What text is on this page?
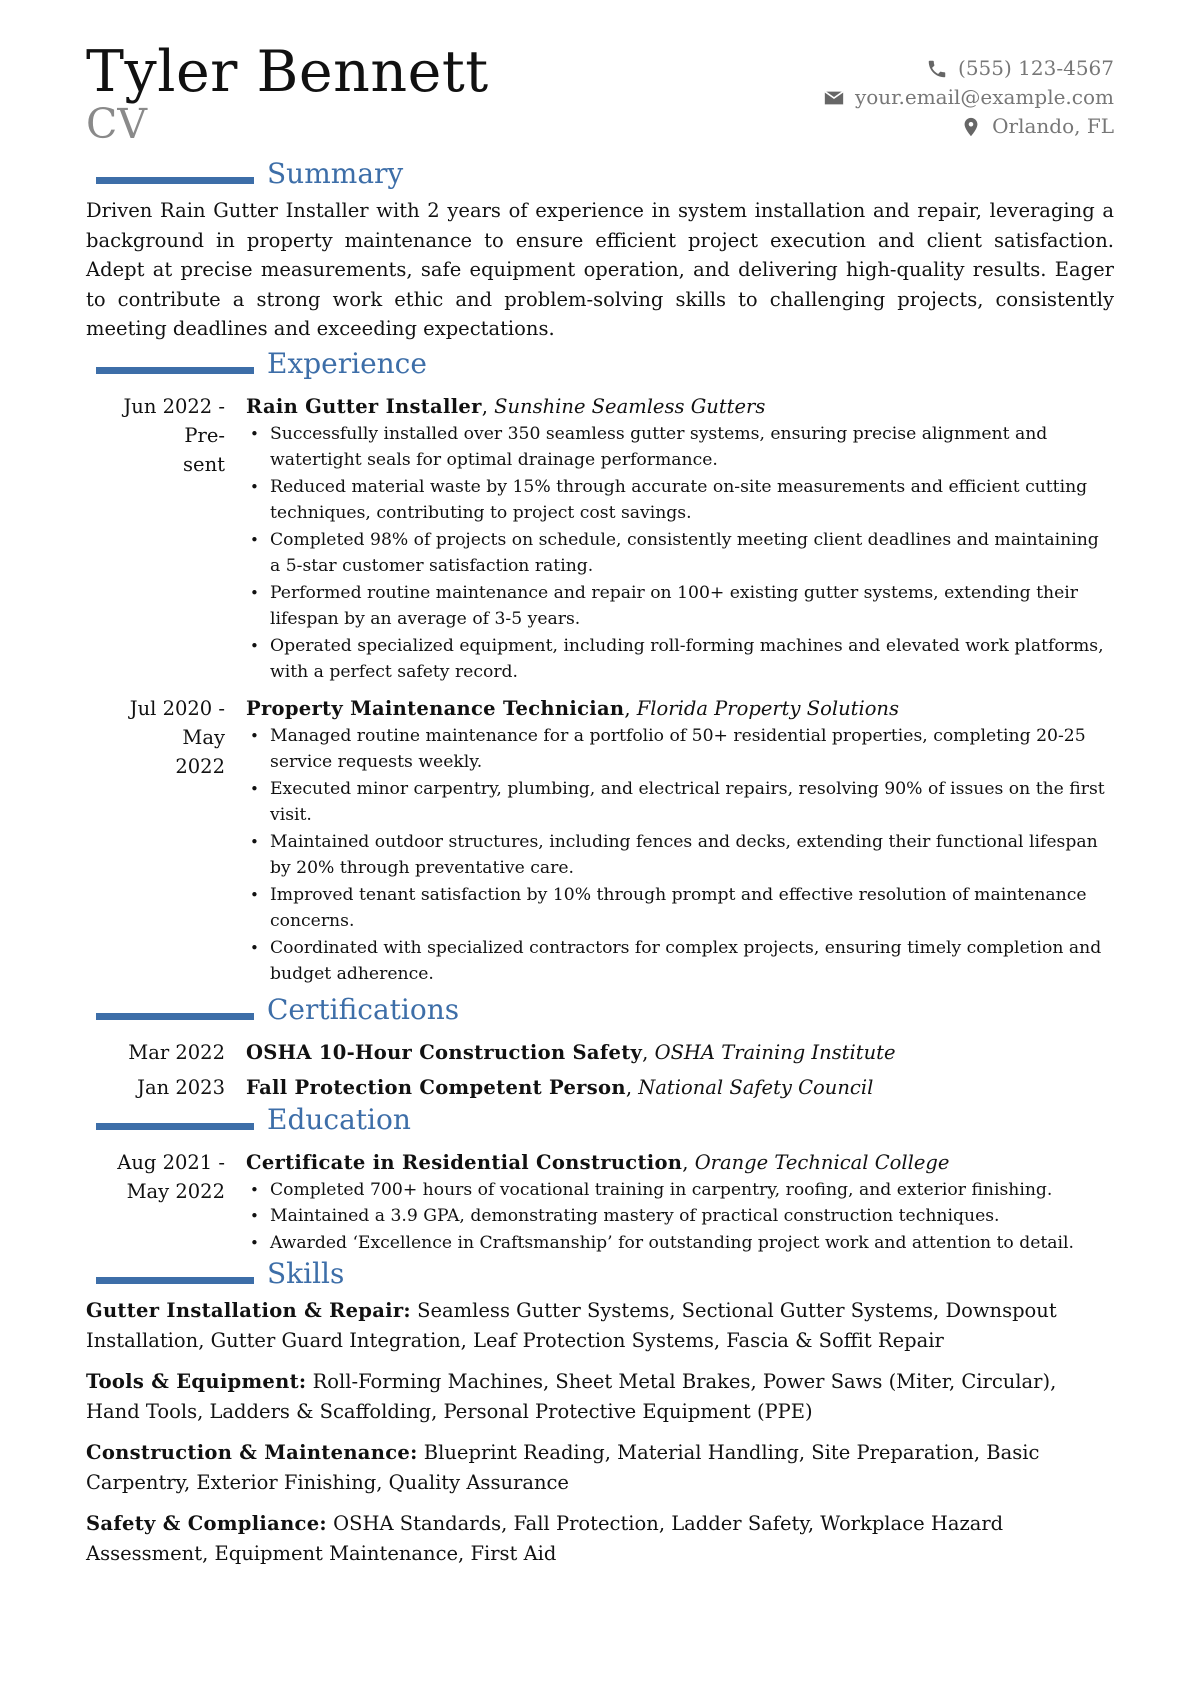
Tyler Bennett
CV
(555) 123-4567
your.email@example.com
Orlando, FL
Summary

Driven Rain Gutter Installer with 2 years of experience in system installation and repair, leveraging a background in property maintenance to ensure efficient project execution and client satisfaction. Adept at precise measurements, safe equipment operation, and delivering high-quality results. Eager to contribute a strong work ethic and problem-solving skills to challenging projects, consistently meeting deadlines and exceeding expectations.

Experience
Jun 2022 - Pre-
sent
Rain Gutter Installer, Sunshine Seamless Gutters
• Successfully installed over 350 seamless gutter systems, ensuring precise alignment and watertight seals for optimal drainage performance.
• Reduced material waste by 15% through accurate on-site measurements and efficient cutting techniques, contributing to project cost savings.
• Completed 98% of projects on schedule, consistently meeting client deadlines and maintaining a 5-star customer satisfaction rating.
• Performed routine maintenance and repair on 100+ existing gutter systems, extending their lifespan by an average of 3-5 years.
• Operated specialized equipment, including roll-forming machines and elevated work platforms, with a perfect safety record.
Jul 2020 - May
2022
Property Maintenance Technician, Florida Property Solutions
• Managed routine maintenance for a portfolio of 50+ residential properties, completing 20-25 service requests weekly.
• Executed minor carpentry, plumbing, and electrical repairs, resolving 90% of issues on the first visit.
• Maintained outdoor structures, including fences and decks, extending their functional lifespan by 20% through preventative care.
• Improved tenant satisfaction by 10% through prompt and effective resolution of maintenance concerns.
• Coordinated with specialized contractors for complex projects, ensuring timely completion and budget adherence.
Certifications
Mar 2022	OSHA 10-Hour Construction Safety, OSHA Training Institute
Jan 2023	Fall Protection Competent Person, National Safety Council
Education
Aug 2021 -
May 2022
Certificate in Residential Construction, Orange Technical College
• Completed 700+ hours of vocational training in carpentry, roofing, and exterior finishing.
• Maintained a 3.9 GPA, demonstrating mastery of practical construction techniques.
• Awarded ‘Excellence in Craftsmanship’ for outstanding project work and attention to detail.
Skills

Gutter Installation & Repair: Seamless Gutter Systems, Sectional Gutter Systems, Downspout Installation, Gutter Guard Integration, Leaf Protection Systems, Fascia & Soffit Repair

Tools & Equipment: Roll-Forming Machines, Sheet Metal Brakes, Power Saws (Miter, Circular), Hand Tools, Ladders & Scaffolding, Personal Protective Equipment (PPE)

Construction & Maintenance: Blueprint Reading, Material Handling, Site Preparation, Basic Carpentry, Exterior Finishing, Quality Assurance

Safety & Compliance: OSHA Standards, Fall Protection, Ladder Safety, Workplace Hazard Assessment, Equipment Maintenance, First Aid
